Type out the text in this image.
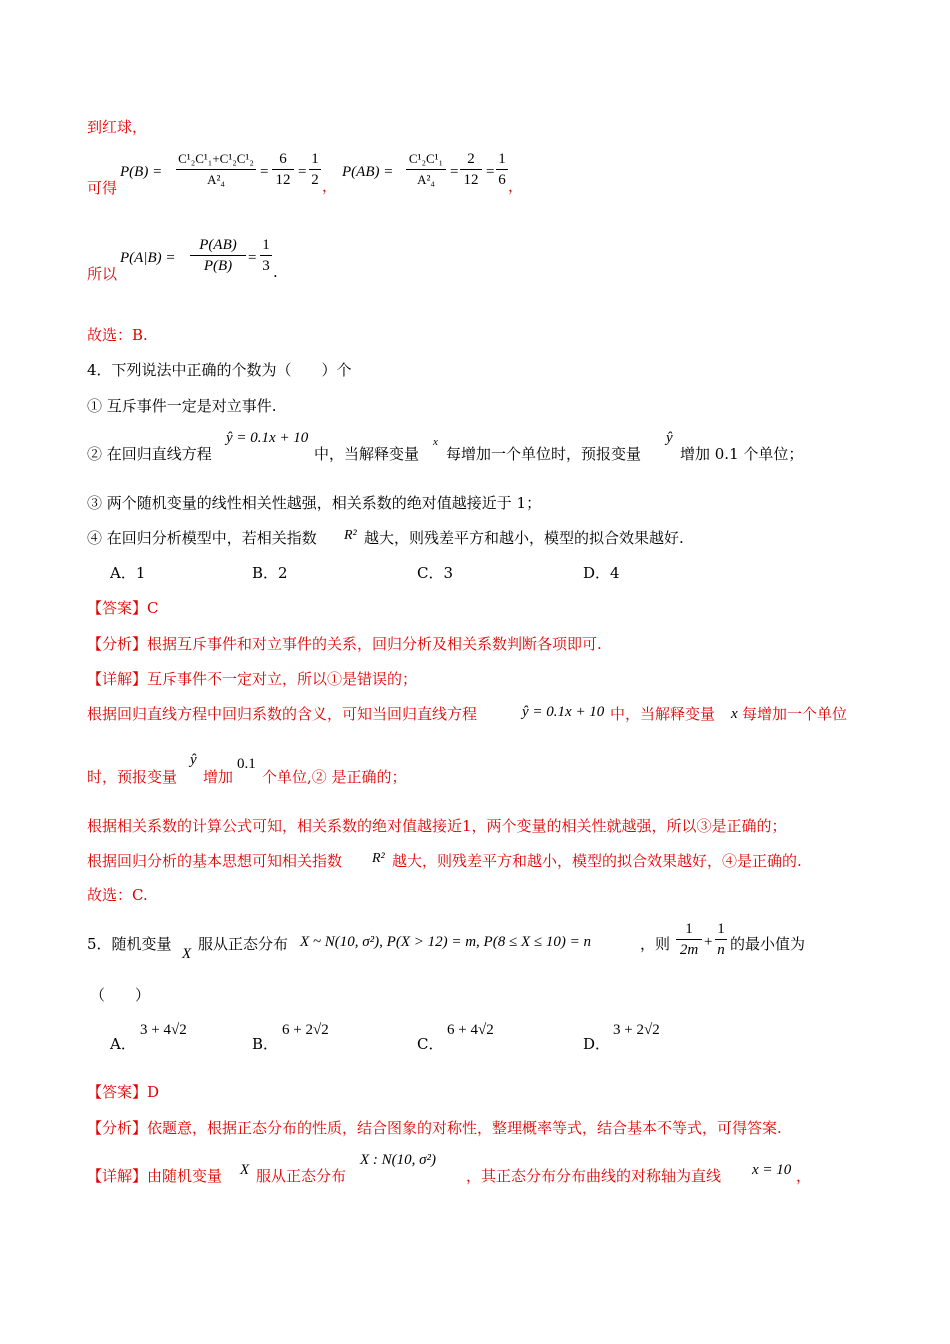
到红球，
可得
P(B) =
C¹₂C¹₁+C¹₂C¹₂
A²₄	=
6
12 =
1
2 ，
P(AB) =
C¹₂C¹₁
A²₄	=
2
12 =
1
6 ，
所以
P(A|B) =
P(AB)
P(B)	=
1
3 .
故选：B.
4．下列说法中正确的个数为（　　）个
① 互斥事件一定是对立事件.
② 在回归直线方程
ŷ = 0.1x + 10
中，当解释变量
x
每增加一个单位时，预报变量
ŷ
增加 0.1 个单位；
③ 两个随机变量的线性相关性越强，相关系数的绝对值越接近于 1；
④ 在回归分析模型中，若相关指数 R² 越大，则残差平方和越小，模型的拟合效果越好.
A．1	B．2	C．3	D．4
【答案】C
【分析】根据互斥事件和对立事件的关系，回归分析及相关系数判断各项即可.
【详解】互斥事件不一定对立，所以①是错误的；
根据回归直线方程中回归系数的含义，可知当回归直线方程	ŷ = 0.1x + 10 中，当解释变量 x 每增加一个单位
时，预报变量
ŷ
增加
0.1
个单位,② 是正确的；
根据相关系数的计算公式可知，相关系数的绝对值越接近1，两个变量的相关性就越强，所以③是正确的；
根据回归分析的基本思想可知相关指数 R² 越大，则残差平方和越小，模型的拟合效果越好，④是正确的.
故选：C.
5．随机变量
X
服从正态分布 X ~ N(10, σ²), P(X > 12) = m, P(8 ≤ X ≤ 10) = n	，则
1
2m +
1
n 的最小值为
（　　）
A．
3 + 4√2
B．
6 + 2√2
C．
6 + 4√2
D．
3 + 2√2
【答案】D
【分析】依题意，根据正态分布的性质，结合图象的对称性，整理概率等式，结合基本不等式，可得答案.
【详解】由随机变量 X 服从正态分布
X : N(10, σ²)
，其正态分布分布曲线的对称轴为直线 x = 10 ，
